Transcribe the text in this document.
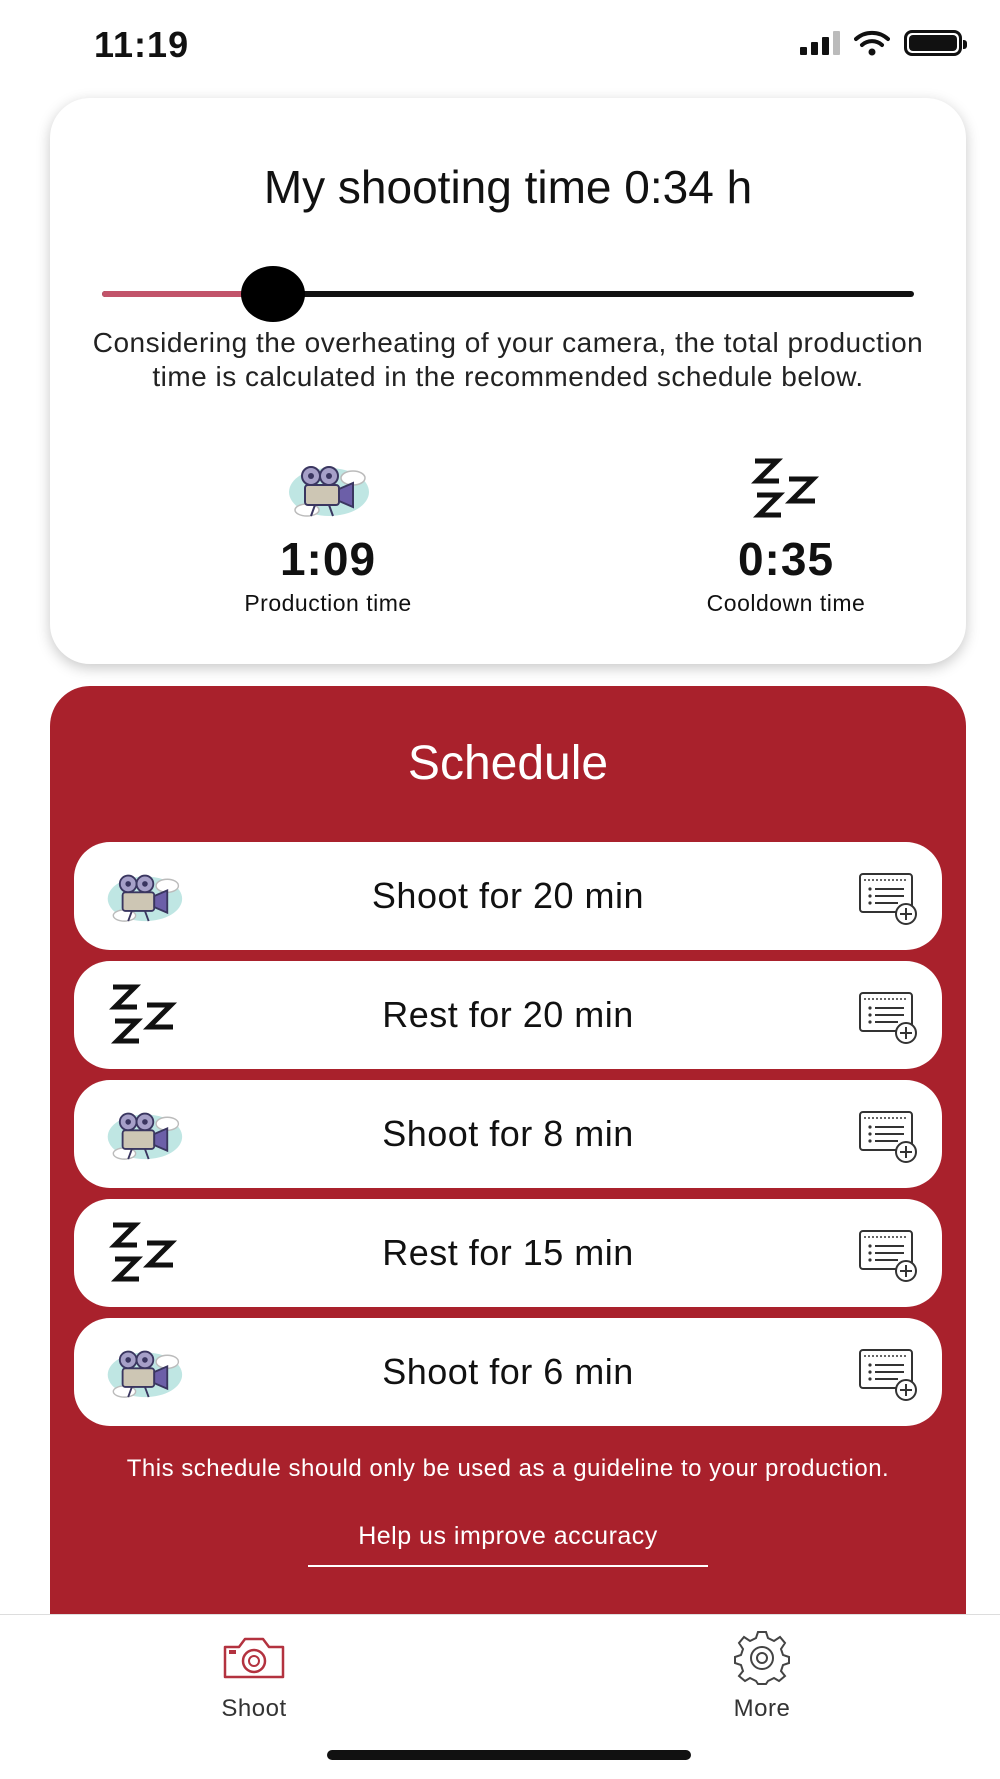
11:19
My shooting time 0:34 h
Considering the overheating of your camera, the total production time is calculated in the recommended schedule below.
1:09
Production time
0:35
Cooldown time
Schedule
Shoot for 20 min
Rest for 20 min
Shoot for 8 min
Rest for 15 min
Shoot for 6 min
This schedule should only be used as a guideline to your production.
Help us improve accuracy
Shoot	More
